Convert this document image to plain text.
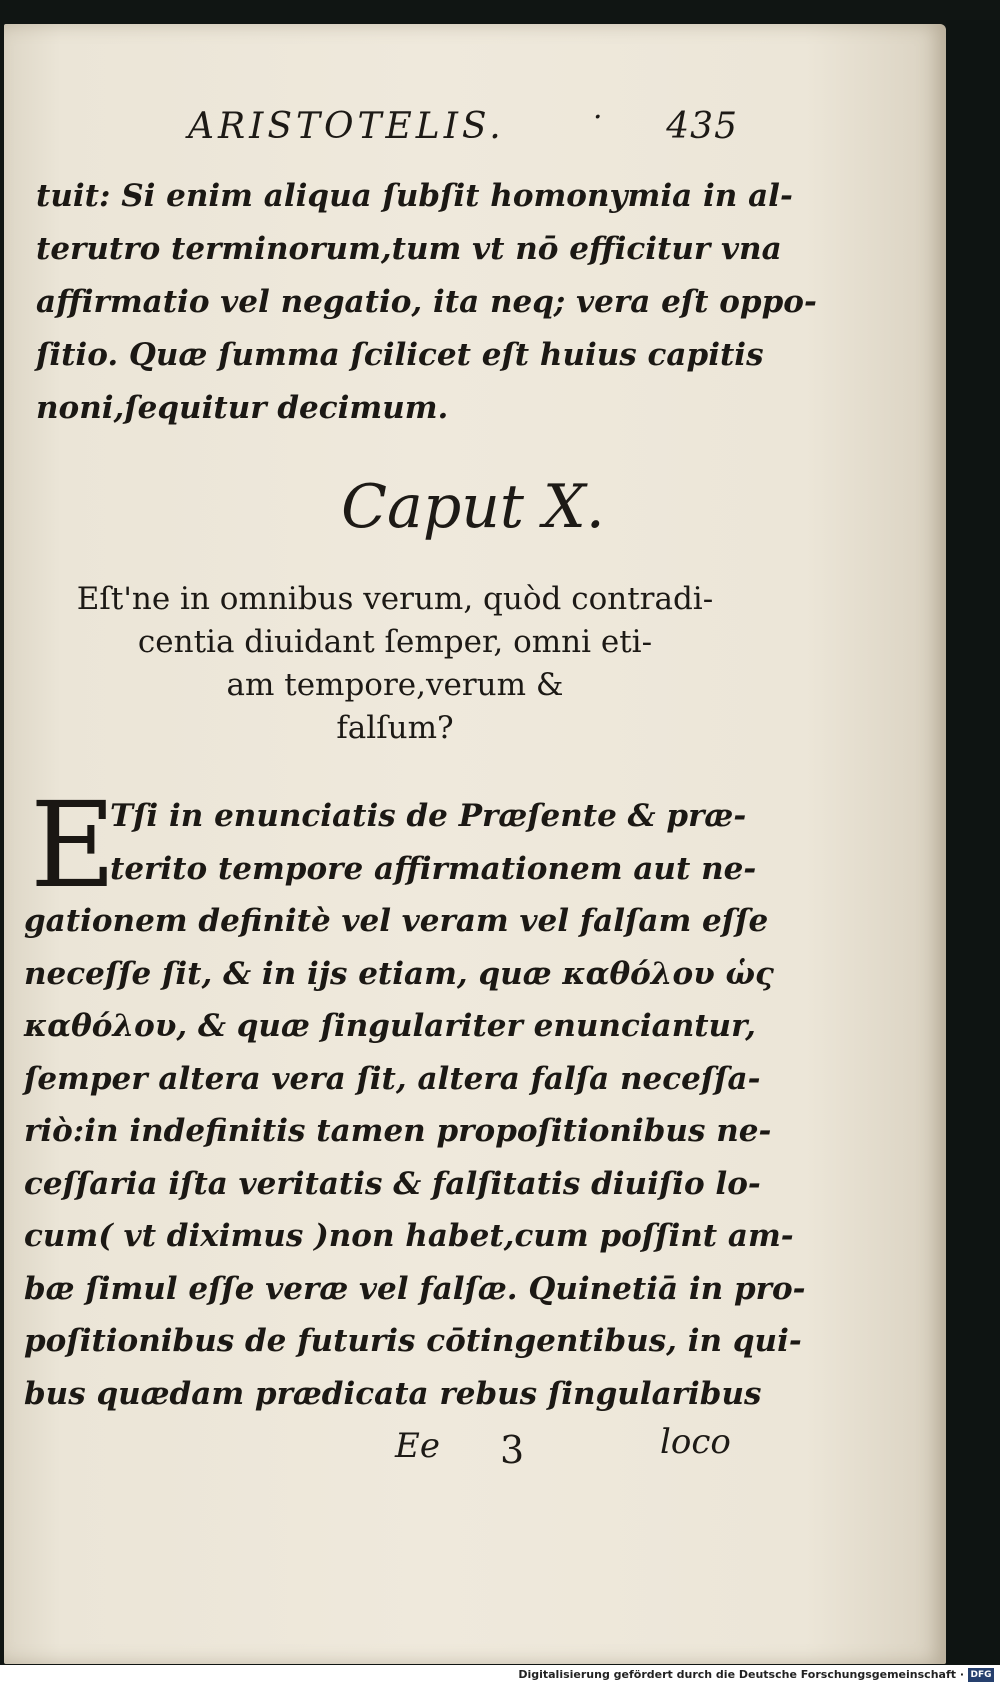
ARISTOTELIS.	· 435
tuit: Si enim aliqua ſubſit homonymia in al-
terutro terminorum,tum vt nō efficitur vna
affirmatio vel negatio, ita neq; vera eſt oppo-
ſitio. Quæ ſumma ſcilicet eſt huius capitis
noni,ſequitur decimum.
Caput X.
Eſt'ne in omnibus verum, quòd contradi-
centia diuidant ſemper, omni eti-
am tempore,verum &
falſum?
E
Tſi in enunciatis de Præſente & præ-
terito tempore affirmationem aut ne-
gationem definitè vel veram vel falſam eſſe
neceſſe ſit, & in ijs etiam, quæ καθόλου ὡς
καθόλου, & quæ ſingulariter enunciantur,
ſemper altera vera ſit, altera falſa neceſſa-
riò:in indefinitis tamen propoſitionibus ne-
ceſſaria iſta veritatis & falſitatis diuiſio lo-
cum( vt diximus )non habet,cum poſſint am-
bæ ſimul eſſe veræ vel falſæ. Quinetiā in pro-
poſitionibus de futuris cōtingentibus, in qui-
bus quædam prædicata rebus ſingularibus
Ee 3	loco
Digitalisierung gefördert durch die Deutsche Forschungsgemeinschaft · DFG
